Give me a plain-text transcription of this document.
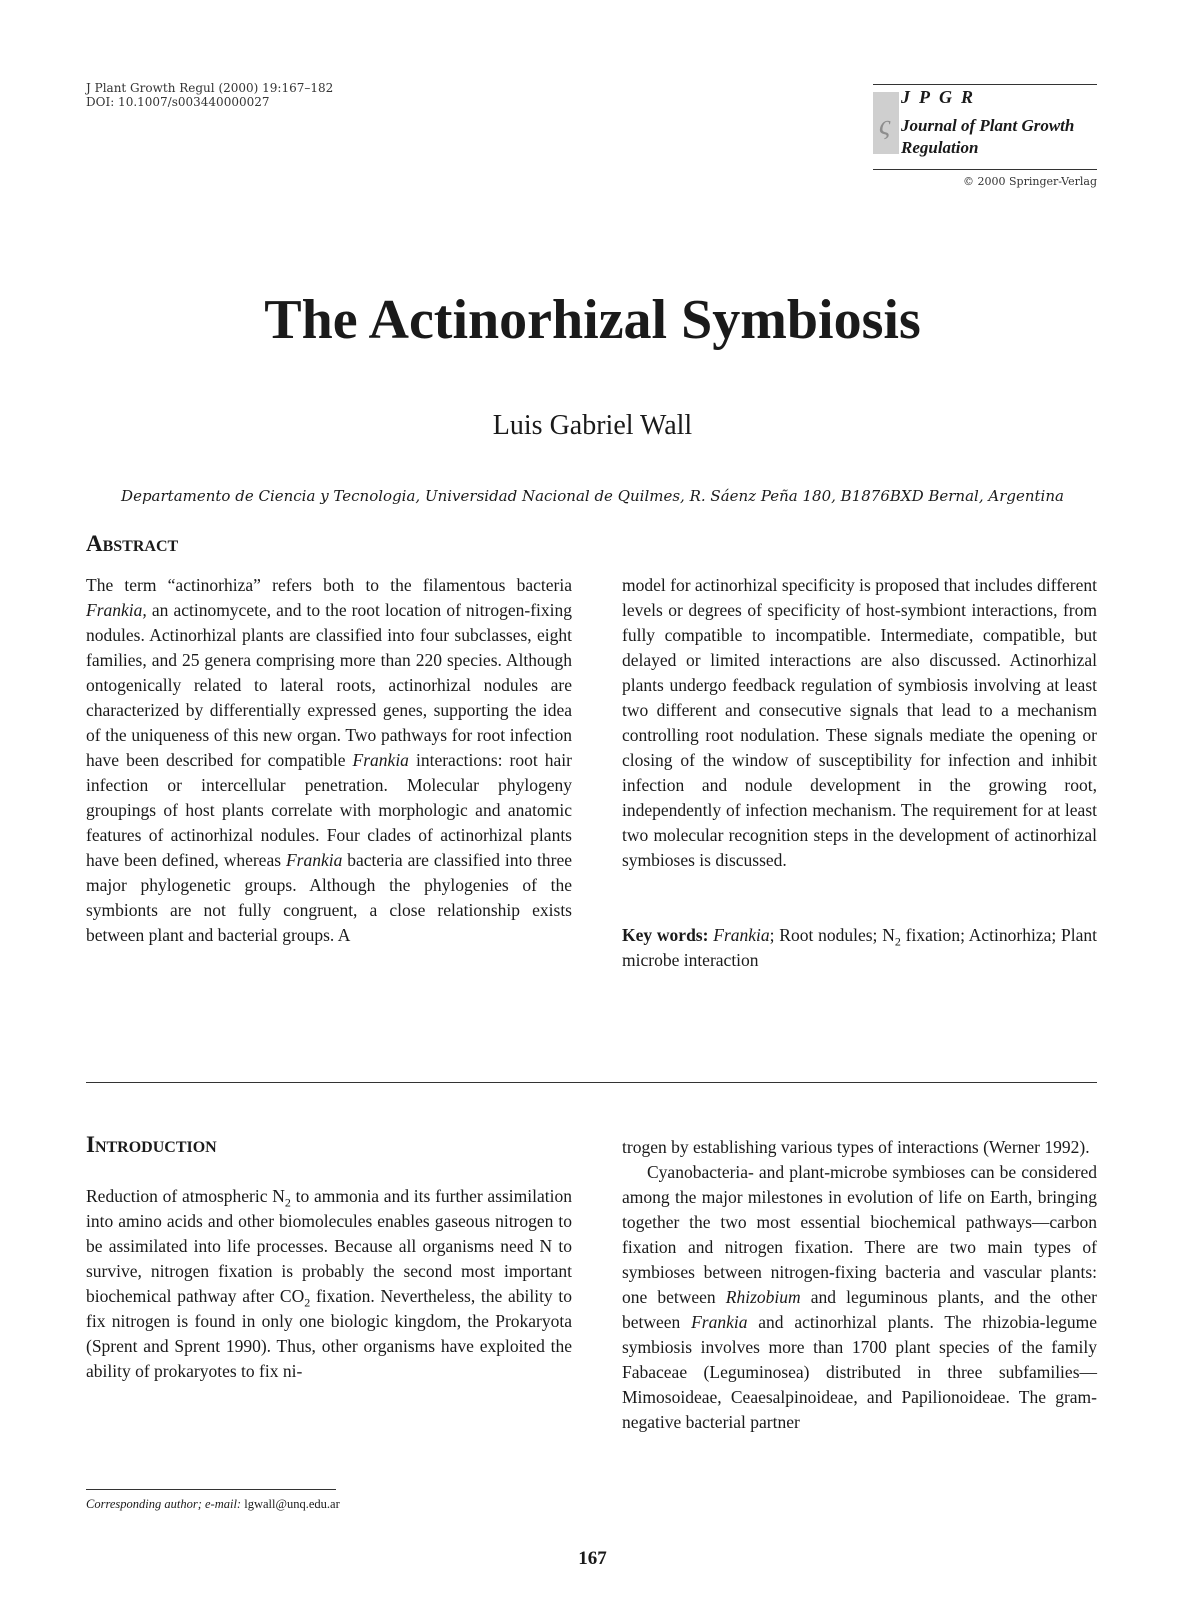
J Plant Growth Regul (2000) 19:167–182
DOI: 10.1007/s003440000027
ς
JPGR
Journal of Plant Growth Regulation
© 2000 Springer-Verlag
The Actinorhizal Symbiosis
Luis Gabriel Wall
Departamento de Ciencia y Tecnologia, Universidad Nacional de Quilmes, R. Sáenz Peña 180, B1876BXD Bernal, Argentina
Abstract

The term “actinorhiza” refers both to the filamentous bacteria Frankia, an actinomycete, and to the root location of nitrogen-fixing nodules. Actinorhizal plants are classified into four subclasses, eight families, and 25 genera comprising more than 220 species. Although ontogenically related to lateral roots, actinorhizal nodules are characterized by differentially expressed genes, supporting the idea of the uniqueness of this new organ. Two pathways for root infection have been described for compatible Frankia interactions: root hair infection or intercellular penetration. Molecular phylogeny groupings of host plants correlate with morphologic and anatomic features of actinorhizal nodules. Four clades of actinorhizal plants have been defined, whereas Frankia bacteria are classified into three major phylogenetic groups. Although the phylogenies of the symbionts are not fully congruent, a close relationship exists between plant and bacterial groups. A

model for actinorhizal specificity is proposed that includes different levels or degrees of specificity of host-symbiont interactions, from fully compatible to incompatible. Intermediate, compatible, but delayed or limited interactions are also discussed. Actinorhizal plants undergo feedback regulation of symbiosis involving at least two different and consecutive signals that lead to a mechanism controlling root nodulation. These signals mediate the opening or closing of the window of susceptibility for infection and inhibit infection and nodule development in the growing root, independently of infection mechanism. The requirement for at least two molecular recognition steps in the development of actinorhizal symbioses is discussed.

Key words: Frankia; Root nodules; $N_2$ fixation; Actinorhiza; Plant microbe interaction

Introduction

Reduction of atmospheric $N_2$ to ammonia and its further assimilation into amino acids and other biomolecules enables gaseous nitrogen to be assimilated into life processes. Because all organisms need N to survive, nitrogen fixation is probably the second most important biochemical pathway after $CO_2$ fixation. Nevertheless, the ability to fix nitrogen is found in only one biologic kingdom, the Prokaryota (Sprent and Sprent 1990). Thus, other organisms have exploited the ability of prokaryotes to fix ni-

trogen by establishing various types of interactions (Werner 1992).

Cyanobacteria- and plant-microbe symbioses can be considered among the major milestones in evolution of life on Earth, bringing together the two most essential biochemical pathways—carbon fixation and nitrogen fixation. There are two main types of symbioses between nitrogen-fixing bacteria and vascular plants: one between Rhizobium and leguminous plants, and the other between Frankia and actinorhizal plants. The rhizobia-legume symbiosis involves more than 1700 plant species of the family Fabaceae (Leguminosea) distributed in three subfamilies—Mimosoideae, Ceaesalpinoideae, and Papilionoideae. The gram-negative bacterial partner

Corresponding author; e-mail: lgwall@unq.edu.ar
167
